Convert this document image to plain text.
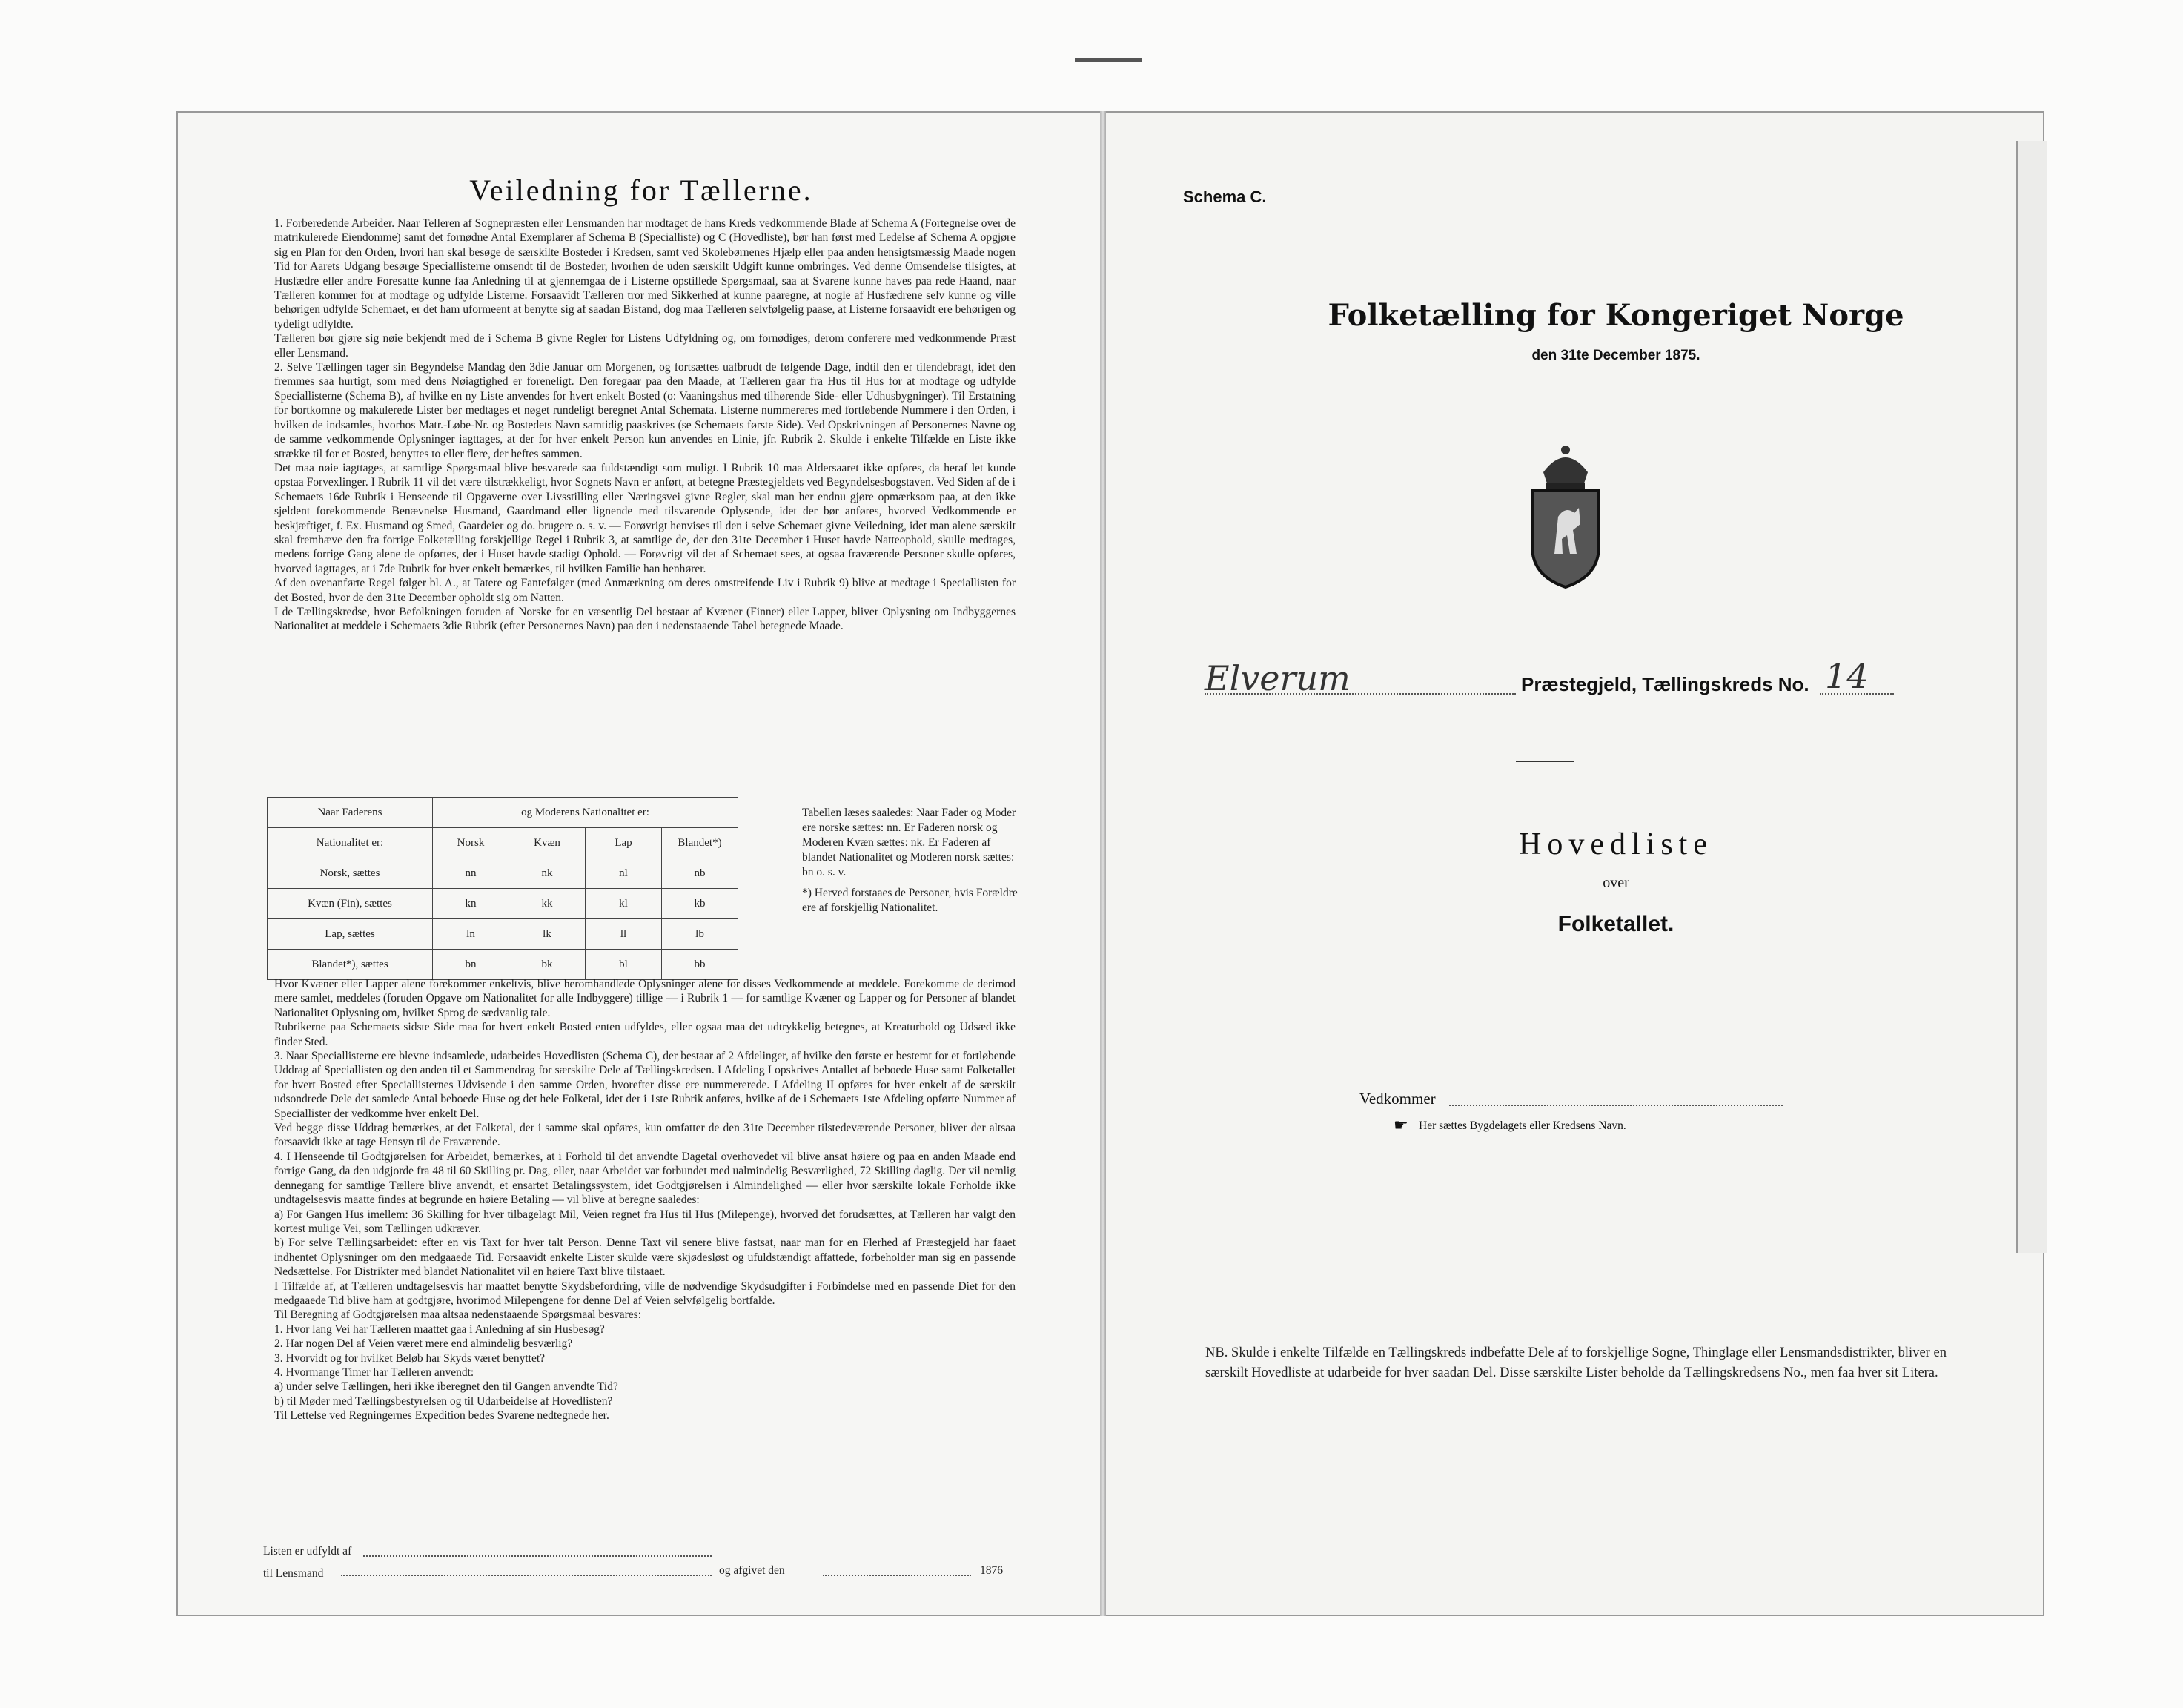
Veiledning for Tællerne.

1. Forberedende Arbeider. Naar Telleren af Sognepræsten eller Lensmanden har modtaget de hans Kreds vedkommende Blade af Schema A (Fortegnelse over de matrikulerede Eiendomme) samt det fornødne Antal Exemplarer af Schema B (Specialliste) og C (Hovedliste), bør han først med Ledelse af Schema A opgjøre sig en Plan for den Orden, hvori han skal besøge de særskilte Bosteder i Kredsen, samt ved Skolebørnenes Hjælp eller paa anden hensigtsmæssig Maade nogen Tid for Aarets Udgang besørge Speciallisterne omsendt til de Bosteder, hvorhen de uden særskilt Udgift kunne ombringes. Ved denne Omsendelse tilsigtes, at Husfædre eller andre Foresatte kunne faa Anledning til at gjennemgaa de i Listerne opstillede Spørgsmaal, saa at Svarene kunne haves paa rede Haand, naar Tælleren kommer for at modtage og udfylde Listerne. Forsaavidt Tælleren tror med Sikkerhed at kunne paaregne, at nogle af Husfædrene selv kunne og ville behørigen udfylde Schemaet, er det ham uformeent at benytte sig af saadan Bistand, dog maa Tælleren selvfølgelig paase, at Listerne forsaavidt ere behørigen og tydeligt udfyldte.

Tælleren bør gjøre sig nøie bekjendt med de i Schema B givne Regler for Listens Udfyldning og, om fornødiges, derom conferere med vedkommende Præst eller Lensmand.

2. Selve Tællingen tager sin Begyndelse Mandag den 3die Januar om Morgenen, og fortsættes uafbrudt de følgende Dage, indtil den er tilendebragt, idet den fremmes saa hurtigt, som med dens Nøiagtighed er foreneligt. Den foregaar paa den Maade, at Tælleren gaar fra Hus til Hus for at modtage og udfylde Speciallisterne (Schema B), af hvilke en ny Liste anvendes for hvert enkelt Bosted (o: Vaaningshus med tilhørende Side- eller Udhusbygninger). Til Erstatning for bortkomne og makulerede Lister bør medtages et nøget rundeligt beregnet Antal Schemata. Listerne nummereres med fortløbende Nummere i den Orden, i hvilken de indsamles, hvorhos Matr.-Løbe-Nr. og Bostedets Navn samtidig paaskrives (se Schemaets første Side). Ved Opskrivningen af Personernes Navne og de samme vedkommende Oplysninger iagttages, at der for hver enkelt Person kun anvendes en Linie, jfr. Rubrik 2. Skulde i enkelte Tilfælde en Liste ikke strække til for et Bosted, benyttes to eller flere, der heftes sammen.

Det maa nøie iagttages, at samtlige Spørgsmaal blive besvarede saa fuldstændigt som muligt. I Rubrik 10 maa Aldersaaret ikke opføres, da heraf let kunde opstaa Forvexlinger. I Rubrik 11 vil det være tilstrækkeligt, hvor Sognets Navn er anført, at betegne Præstegjeldets ved Begyndelsesbogstaven. Ved Siden af de i Schemaets 16de Rubrik i Henseende til Opgaverne over Livsstilling eller Næringsvei givne Regler, skal man her endnu gjøre opmærksom paa, at den ikke sjeldent forekommende Benævnelse Husmand, Gaardmand eller lignende med tilsvarende Oplysende, idet der bør anføres, hvorved Vedkommende er beskjæftiget, f. Ex. Husmand og Smed, Gaardeier og do. brugere o. s. v. — Forøvrigt henvises til den i selve Schemaet givne Veiledning, idet man alene særskilt skal fremhæve den fra forrige Folketælling forskjellige Regel i Rubrik 3, at samtlige de, der den 31te December i Huset havde Natteophold, skulle medtages, medens forrige Gang alene de opførtes, der i Huset havde stadigt Ophold. — Forøvrigt vil det af Schemaet sees, at ogsaa fraværende Personer skulle opføres, hvorved iagttages, at i 7de Rubrik for hver enkelt bemærkes, til hvilken Familie han henhører.

Af den ovenanførte Regel følger bl. A., at Tatere og Fantefølger (med Anmærkning om deres omstreifende Liv i Rubrik 9) blive at medtage i Speciallisten for det Bosted, hvor de den 31te December opholdt sig om Natten.

I de Tællingskredse, hvor Befolkningen foruden af Norske for en væsentlig Del bestaar af Kvæner (Finner) eller Lapper, bliver Oplysning om Indbyggernes Nationalitet at meddele i Schemaets 3die Rubrik (efter Personernes Navn) paa den i nedenstaaende Tabel betegnede Maade.

Naar Faderens	og Moderens Nationalitet er:			
Nationalitet er:	Norsk	Kvæn	Lap	Blandet*)
Norsk, sættes	nn	nk	nl	nb
Kvæn (Fin), sættes	kn	kk	kl	kb
Lap, sættes	ln	lk	ll	lb
Blandet*), sættes	bn	bk	bl	bb
Tabellen læses saaledes: Naar Fader og Moder ere norske sættes: nn. Er Faderen norsk og Moderen Kvæn sættes: nk. Er Faderen af blandet Nationalitet og Moderen norsk sættes: bn o. s. v.
*) Herved forstaaes de Personer, hvis Forældre ere af forskjellig Nationalitet.

Hvor Kvæner eller Lapper alene forekommer enkeltvis, blive heromhandlede Oplysninger alene for disses Vedkommende at meddele. Forekomme de derimod mere samlet, meddeles (foruden Opgave om Nationalitet for alle Indbyggere) tillige — i Rubrik 1 — for samtlige Kvæner og Lapper og for Personer af blandet Nationalitet Oplysning om, hvilket Sprog de sædvanlig tale.

Rubrikerne paa Schemaets sidste Side maa for hvert enkelt Bosted enten udfyldes, eller ogsaa maa det udtrykkelig betegnes, at Kreaturhold og Udsæd ikke finder Sted.

3. Naar Speciallisterne ere blevne indsamlede, udarbeides Hovedlisten (Schema C), der bestaar af 2 Afdelinger, af hvilke den første er bestemt for et fortløbende Uddrag af Speciallisten og den anden til et Sammendrag for særskilte Dele af Tællingskredsen. I Afdeling I opskrives Antallet af beboede Huse samt Folketallet for hvert Bosted efter Speciallisternes Udvisende i den samme Orden, hvorefter disse ere nummererede. I Afdeling II opføres for hver enkelt af de særskilt udsondrede Dele det samlede Antal beboede Huse og det hele Folketal, idet der i 1ste Rubrik anføres, hvilke af de i Schemaets 1ste Afdeling opførte Nummer af Speciallister der vedkomme hver enkelt Del.

Ved begge disse Uddrag bemærkes, at det Folketal, der i samme skal opføres, kun omfatter de den 31te December tilstedeværende Personer, bliver der altsaa forsaavidt ikke at tage Hensyn til de Fraværende.

4. I Henseende til Godtgjørelsen for Arbeidet, bemærkes, at i Forhold til det anvendte Dagetal overhovedet vil blive ansat høiere og paa en anden Maade end forrige Gang, da den udgjorde fra 48 til 60 Skilling pr. Dag, eller, naar Arbeidet var forbundet med ualmindelig Besværlighed, 72 Skilling daglig. Der vil nemlig dennegang for samtlige Tællere blive anvendt, et ensartet Betalingssystem, idet Godtgjørelsen i Almindelighed — eller hvor særskilte lokale Forholde ikke undtagelsesvis maatte findes at begrunde en høiere Betaling — vil blive at beregne saaledes:

a) For Gangen Hus imellem: 36 Skilling for hver tilbagelagt Mil, Veien regnet fra Hus til Hus (Milepenge), hvorved det forudsættes, at Tælleren har valgt den kortest mulige Vei, som Tællingen udkræver.

b) For selve Tællingsarbeidet: efter en vis Taxt for hver talt Person. Denne Taxt vil senere blive fastsat, naar man for en Flerhed af Præstegjeld har faaet indhentet Oplysninger om den medgaaede Tid. Forsaavidt enkelte Lister skulde være skjødesløst og ufuldstændigt affattede, forbeholder man sig en passende Nedsættelse. For Distrikter med blandet Nationalitet vil en høiere Taxt blive tilstaaet.

I Tilfælde af, at Tælleren undtagelsesvis har maattet benytte Skydsbefordring, ville de nødvendige Skydsudgifter i Forbindelse med en passende Diet for den medgaaede Tid blive ham at godtgjøre, hvorimod Milepengene for denne Del af Veien selvfølgelig bortfalde.

Til Beregning af Godtgjørelsen maa altsaa nedenstaaende Spørgsmaal besvares:

1. Hvor lang Vei har Tælleren maattet gaa i Anledning af sin Husbesøg?

2. Har nogen Del af Veien været mere end almindelig besværlig?

3. Hvorvidt og for hvilket Beløb har Skyds været benyttet?

4. Hvormange Timer har Tælleren anvendt:

a) under selve Tællingen, heri ikke iberegnet den til Gangen anvendte Tid?

b) til Møder med Tællingsbestyrelsen og til Udarbeidelse af Hovedlisten?

Til Lettelse ved Regningernes Expedition bedes Svarene nedtegnede her.

Listen er udfyldt af
og afgivet den	1876
til Lensmand
Schema C.
Folketælling for Kongeriget Norge
den 31te December 1875.
Elverum	Præstegjeld, Tællingskreds No. 14
Hovedliste
over
Folketallet.
Vedkommer
☛ Her sættes Bygdelagets eller Kredsens Navn.
NB. Skulde i enkelte Tilfælde en Tællingskreds indbefatte Dele af to forskjellige Sogne, Thinglage eller Lensmandsdistrikter, bliver en særskilt Hovedliste at udarbeide for hver saadan Del. Disse særskilte Lister beholde da Tællingskredsens No., men faa hver sit Litera.
